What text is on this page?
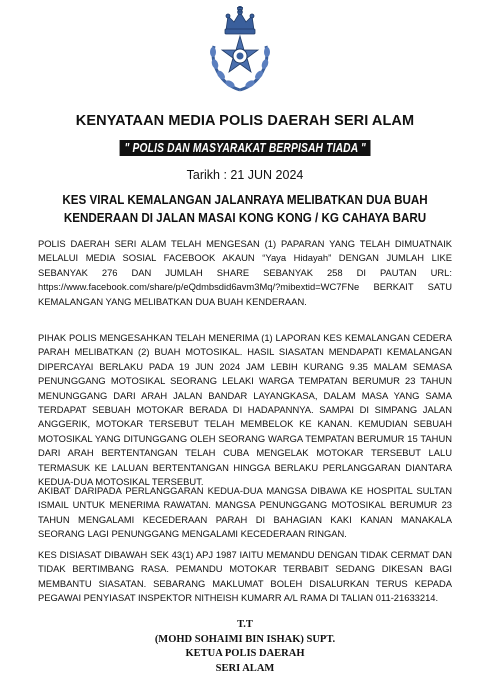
KENYATAAN MEDIA POLIS DAERAH SERI ALAM
" POLIS DAN MASYARAKAT BERPISAH TIADA "
Tarikh : 21 JUN 2024
KES VIRAL KEMALANGAN JALANRAYA MELIBATKAN DUA BUAH
KENDERAAN DI JALAN MASAI KONG KONG / KG CAHAYA BARU

POLIS DAERAH SERI ALAM TELAH MENGESAN (1) PAPARAN YANG TELAH DIMUATNAIK MELALUI MEDIA SOSIAL FACEBOOK AKAUN “Yaya Hidayah” DENGAN JUMLAH LIKE SEBANYAK 276 DAN JUMLAH SHARE SEBANYAK 258 DI PAUTAN URL: https://www.facebook.com/share/p/eQdmbsdid6avm3Mq/?mibextid=WC7FNe BERKAIT SATU KEMALANGAN YANG MELIBATKAN DUA BUAH KENDERAAN.

PIHAK POLIS MENGESAHKAN TELAH MENERIMA (1) LAPORAN KES KEMALANGAN CEDERA PARAH MELIBATKAN (2) BUAH MOTOSIKAL. HASIL SIASATAN MENDAPATI KEMALANGAN DIPERCAYAI BERLAKU PADA 19 JUN 2024 JAM LEBIH KURANG 9.35 MALAM SEMASA PENUNGGANG MOTOSIKAL SEORANG LELAKI WARGA TEMPATAN BERUMUR 23 TAHUN MENUNGGANG DARI ARAH JALAN BANDAR LAYANGKASA, DALAM MASA YANG SAMA TERDAPAT SEBUAH MOTOKAR BERADA DI HADAPANNYA. SAMPAI DI SIMPANG JALAN ANGGERIK, MOTOKAR TERSEBUT TELAH MEMBELOK KE KANAN. KEMUDIAN SEBUAH MOTOSIKAL YANG DITUNGGANG OLEH SEORANG WARGA TEMPATAN BERUMUR 15 TAHUN DARI ARAH BERTENTANGAN TELAH CUBA MENGELAK MOTOKAR TERSEBUT LALU TERMASUK KE LALUAN BERTENTANGAN HINGGA BERLAKU PERLANGGARAN DIANTARA KEDUA-DUA MOTOSIKAL TERSEBUT.

AKIBAT DARIPADA PERLANGGARAN KEDUA-DUA MANGSA DIBAWA KE HOSPITAL SULTAN ISMAIL UNTUK MENERIMA RAWATAN. MANGSA PENUNGGANG MOTOSIKAL BERUMUR 23 TAHUN MENGALAMI KECEDERAAN PARAH DI BAHAGIAN KAKI KANAN MANAKALA SEORANG LAGI PENUNGGANG MENGALAMI KECEDERAAN RINGAN.

KES DISIASAT DIBAWAH SEK 43(1) APJ 1987 IAITU MEMANDU DENGAN TIDAK CERMAT DAN TIDAK BERTIMBANG RASA. PEMANDU MOTOKAR TERBABIT SEDANG DIKESAN BAGI MEMBANTU SIASATAN. SEBARANG MAKLUMAT BOLEH DISALURKAN TERUS KEPADA PEGAWAI PENYIASAT INSPEKTOR NITHEISH KUMARR A/L RAMA DI TALIAN 011-21633214.

T.T
(MOHD SOHAIMI BIN ISHAK) SUPT.
KETUA POLIS DAERAH
SERI ALAM
